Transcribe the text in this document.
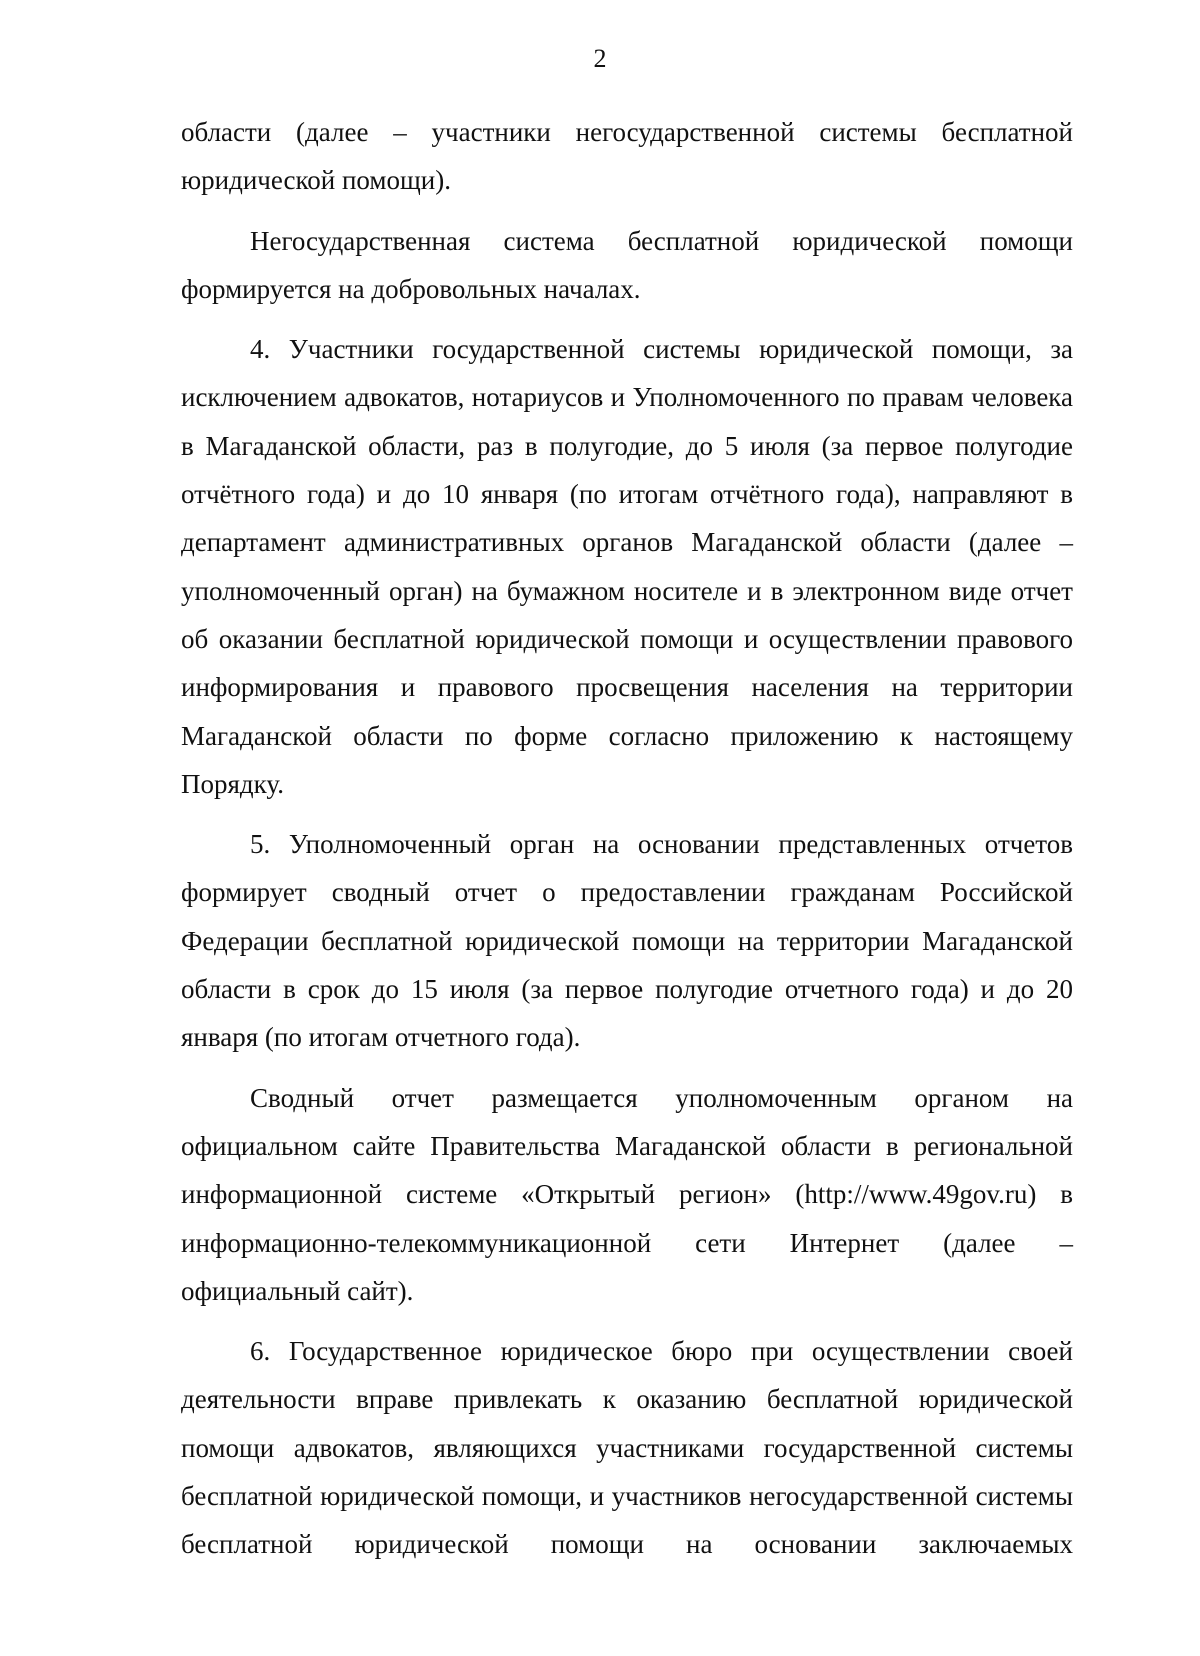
2

области (далее – участники негосударственной системы бесплатной юридической помощи).

Негосударственная система бесплатной юридической помощи формируется на добровольных началах.

4. Участники государственной системы юридической помощи, за исключением адвокатов, нотариусов и Уполномоченного по правам человека в Магаданской области, раз в полугодие, до 5 июля (за первое полугодие отчётного года) и до 10 января (по итогам отчётного года), направляют в департамент административных органов Магаданской области (далее – уполномоченный орган) на бумажном носителе и в электронном виде отчет об оказании бесплатной юридической помощи и осуществлении правового информирования и правового просвещения населения на территории Магаданской области по форме согласно приложению к настоящему Порядку.

5. Уполномоченный орган на основании представленных отчетов формирует сводный отчет о предоставлении гражданам Российской Федерации бесплатной юридической помощи на территории Магаданской области в срок до 15 июля (за первое полугодие отчетного года) и до 20 января (по итогам отчетного года).

Сводный отчет размещается уполномоченным органом на официальном сайте Правительства Магаданской области в региональной информационной системе «Открытый регион» (http://www.49gov.ru) в информационно-телекоммуникационной сети Интернет (далее – официальный сайт).

6. Государственное юридическое бюро при осуществлении своей деятельности вправе привлекать к оказанию бесплатной юридической помощи адвокатов, являющихся участниками государственной системы бесплатной юридической помощи, и участников негосударственной системы бесплатной юридической помощи на основании заключаемых
